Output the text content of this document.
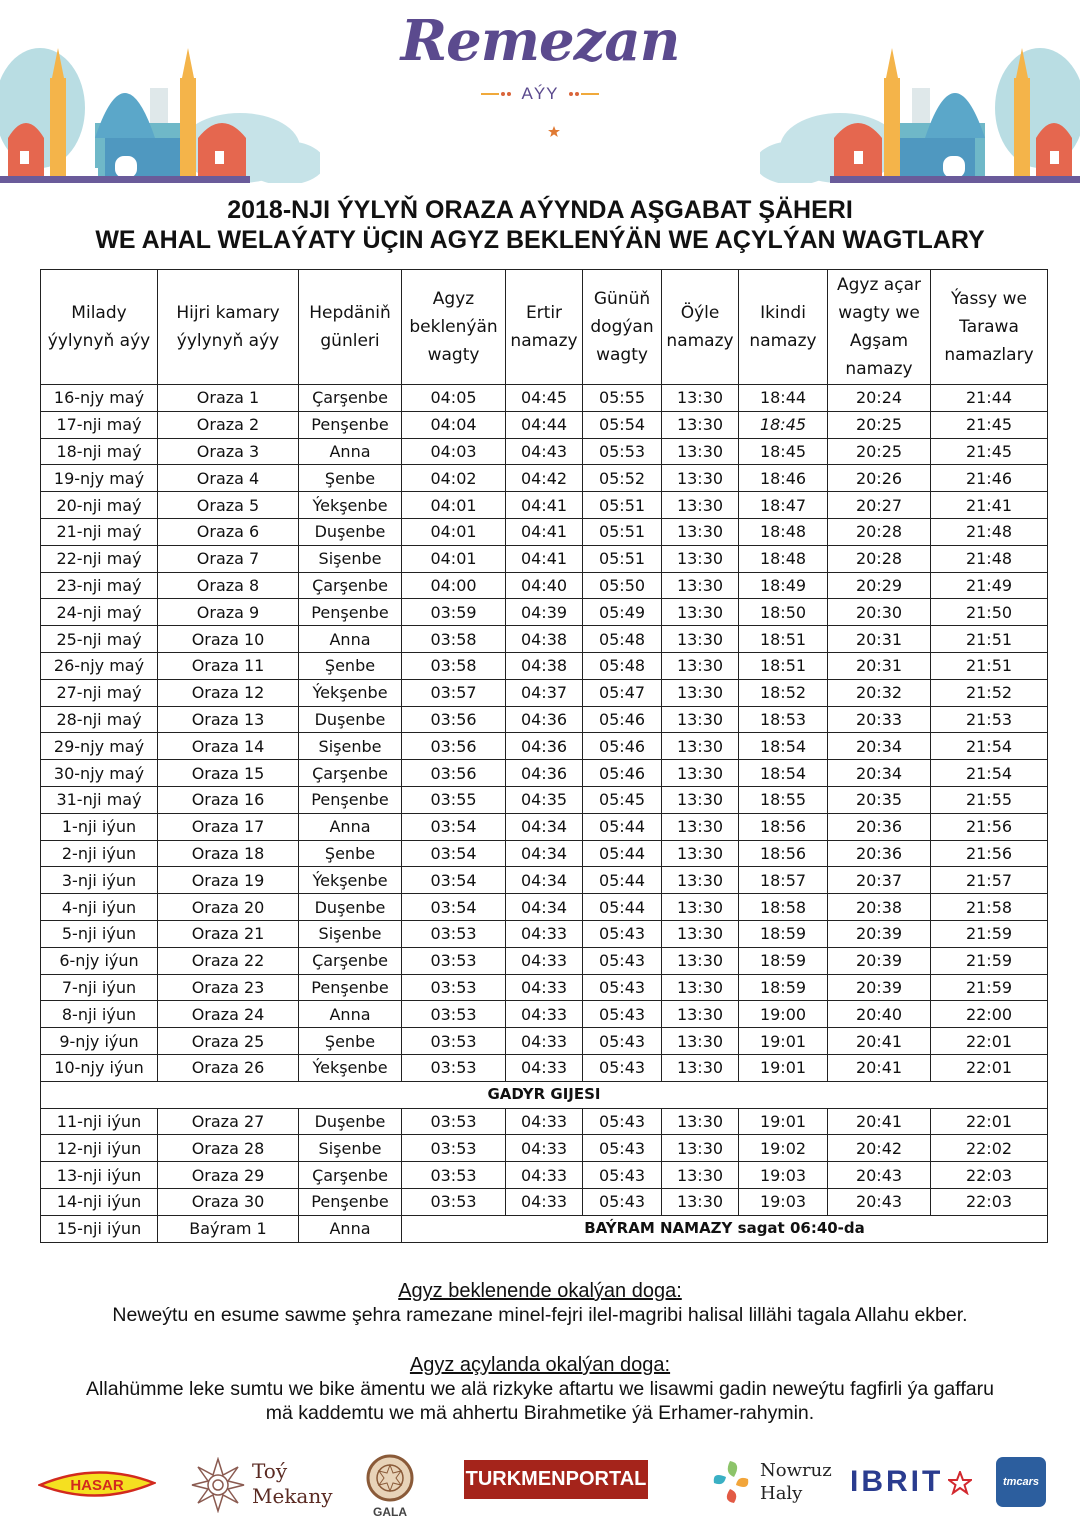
Remezan
AÝY
2018-NJI ÝYLYŇ ORAZA AÝYNDA AŞGABAT ŞÄHERI
WE AHAL WELAÝATY ÜÇIN AGYZ BEKLENÝÄN WE AÇYLÝAN WAGTLARY
Milady
ýylynyň aýy

Hijri kamary
ýylynyň aýy

Hepdäniň
günleri

Agyz
beklenýän
wagty

Ertir
namazy

Günüň
dogýan
wagty

Öýle
namazy

Ikindi
namazy

Agyz açar
wagty we
Agşam
namazy

Ýassy we
Tarawa
namazlary

16-njy maý	Oraza 1	Çarşenbe	04:05	04:45	05:55	13:30	18:44	20:24	21:44
17-nji maý	Oraza 2	Penşenbe	04:04	04:44	05:54	13:30	18:45	20:25	21:45
18-nji maý	Oraza 3	Anna	04:03	04:43	05:53	13:30	18:45	20:25	21:45
19-njy maý	Oraza 4	Şenbe	04:02	04:42	05:52	13:30	18:46	20:26	21:46
20-nji maý	Oraza 5	Ýekşenbe	04:01	04:41	05:51	13:30	18:47	20:27	21:41
21-nji maý	Oraza 6	Duşenbe	04:01	04:41	05:51	13:30	18:48	20:28	21:48
22-nji maý	Oraza 7	Sişenbe	04:01	04:41	05:51	13:30	18:48	20:28	21:48
23-nji maý	Oraza 8	Çarşenbe	04:00	04:40	05:50	13:30	18:49	20:29	21:49
24-nji maý	Oraza 9	Penşenbe	03:59	04:39	05:49	13:30	18:50	20:30	21:50
25-nji maý	Oraza 10	Anna	03:58	04:38	05:48	13:30	18:51	20:31	21:51
26-njy maý	Oraza 11	Şenbe	03:58	04:38	05:48	13:30	18:51	20:31	21:51
27-nji maý	Oraza 12	Ýekşenbe	03:57	04:37	05:47	13:30	18:52	20:32	21:52
28-nji maý	Oraza 13	Duşenbe	03:56	04:36	05:46	13:30	18:53	20:33	21:53
29-njy maý	Oraza 14	Sişenbe	03:56	04:36	05:46	13:30	18:54	20:34	21:54
30-njy maý	Oraza 15	Çarşenbe	03:56	04:36	05:46	13:30	18:54	20:34	21:54
31-nji maý	Oraza 16	Penşenbe	03:55	04:35	05:45	13:30	18:55	20:35	21:55
1-nji iýun	Oraza 17	Anna	03:54	04:34	05:44	13:30	18:56	20:36	21:56
2-nji iýun	Oraza 18	Şenbe	03:54	04:34	05:44	13:30	18:56	20:36	21:56
3-nji iýun	Oraza 19	Ýekşenbe	03:54	04:34	05:44	13:30	18:57	20:37	21:57
4-nji iýun	Oraza 20	Duşenbe	03:54	04:34	05:44	13:30	18:58	20:38	21:58
5-nji iýun	Oraza 21	Sişenbe	03:53	04:33	05:43	13:30	18:59	20:39	21:59
6-njy iýun	Oraza 22	Çarşenbe	03:53	04:33	05:43	13:30	18:59	20:39	21:59
7-nji iýun	Oraza 23	Penşenbe	03:53	04:33	05:43	13:30	18:59	20:39	21:59
8-nji iýun	Oraza 24	Anna	03:53	04:33	05:43	13:30	19:00	20:40	22:00
9-njy iýun	Oraza 25	Şenbe	03:53	04:33	05:43	13:30	19:01	20:41	22:01
10-njy iýun	Oraza 26	Ýekşenbe	03:53	04:33	05:43	13:30	19:01	20:41	22:01
GADYR GIJESI									
11-nji iýun	Oraza 27	Duşenbe	03:53	04:33	05:43	13:30	19:01	20:41	22:01
12-nji iýun	Oraza 28	Sişenbe	03:53	04:33	05:43	13:30	19:02	20:42	22:02
13-nji iýun	Oraza 29	Çarşenbe	03:53	04:33	05:43	13:30	19:03	20:43	22:03
14-nji iýun	Oraza 30	Penşenbe	03:53	04:33	05:43	13:30	19:03	20:43	22:03
15-nji iýun	Baýram 1	Anna	BAÝRAM NAMAZY sagat 06:40-da						
Agyz beklenende okalýan doga:
Neweýtu en esume sawme şehra ramezane minel-fejri ilel-magribi halisal lillähi tagala Allahu ekber.
Agyz açylanda okalýan doga:
Allahümme leke sumtu we bike ämentu we alä rizkyke aftartu we lisawmi gadin neweýtu fagfirli ýa gaffaru
mä kaddemtu we mä ahhertu Birahmetike ýä Erhamer-rahymin.
HASAR
Toý
Mekany
GALA
TURKMENPORTAL	Nowruz
Haly	IBRIT	tmcars
